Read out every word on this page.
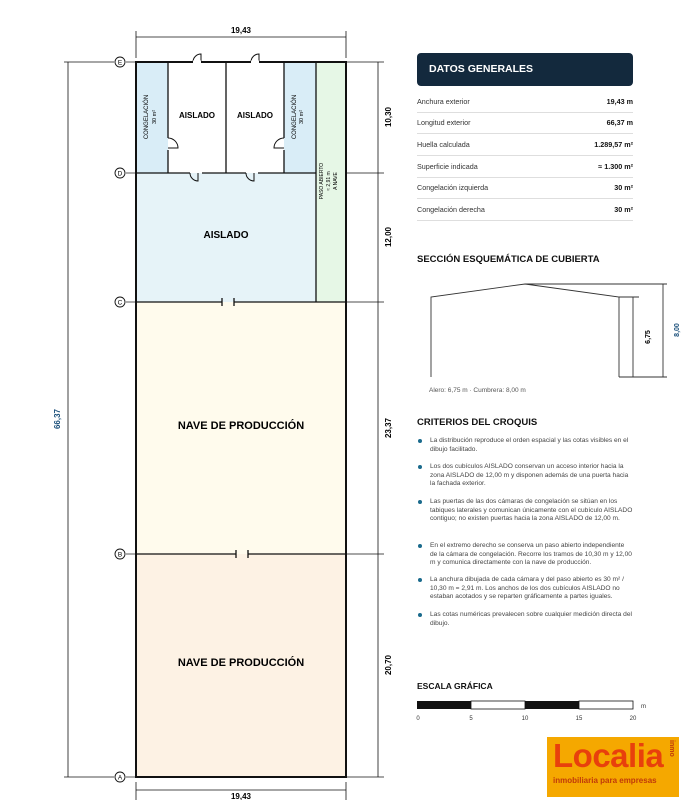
19,43
19,43
66,37
E
D
C
B
A
10,30
12,00
23,37
20,70
CONGELACIÓN 30 m²	AISLADO	AISLADO	CONGELACIÓN 30 m²
PASO ABIERTO ≈ 2,91 m A NAVE
AISLADO
NAVE DE PRODUCCIÓN
NAVE DE PRODUCCIÓN
DATOS GENERALES
Anchura exterior	19,43 m
Longitud exterior	66,37 m
Huella calculada	1.289,57 m²
Superficie indicada	≈ 1.300 m²
Congelación izquierda	30 m²
Congelación derecha	30 m²
SECCIÓN ESQUEMÁTICA DE CUBIERTA
6,75
8,00
Alero: 6,75 m · Cumbrera: 8,00 m
CRITERIOS DEL CROQUIS
La distribución reproduce el orden espacial y las cotas visibles en el dibujo facilitado.
Los dos cubículos AISLADO conservan un acceso interior hacia la zona AISLADO de 12,00 m y disponen además de una puerta hacia la fachada exterior.
Las puertas de las dos cámaras de congelación se sitúan en los tabiques laterales y comunican únicamente con el cubículo AISLADO contiguo; no existen puertas hacia la zona AISLADO de 12,00 m.
En el extremo derecho se conserva un paso abierto independiente de la cámara de congelación. Recorre los tramos de 10,30 m y 12,00 m y comunica directamente con la nave de producción.
La anchura dibujada de cada cámara y del paso abierto es 30 m² / 10,30 m = 2,91 m. Los anchos de los dos cubículos AISLADO no estaban acotados y se reparten gráficamente a partes iguales.
Las cotas numéricas prevalecen sobre cualquier medición directa del dibujo.
ESCALA GRÁFICA
0	5	10	15	20
m
Localia
inmobiliaria para empresas
inmo
